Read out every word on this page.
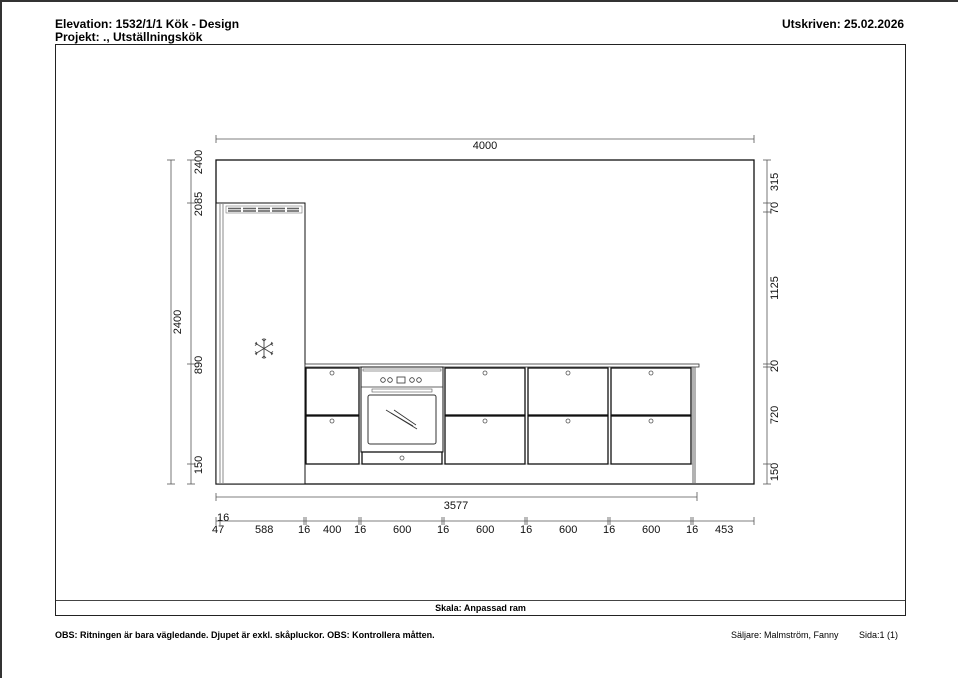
Elevation: 1532/1/1 Kök - Design
Projekt: ., Utställningskök
Utskriven: 25.02.2026
Skala: Anpassad ram
4000
3577
16
47	588 16 400 16 600 16 600 16 600 16 600 16 453
2400
2400
2085
890
150
315
70
1125
20
720
150
OBS: Ritningen är bara vägledande. Djupet är exkl. skåpluckor. OBS: Kontrollera måtten.	Säljare: Malmström, Fanny Sida:1 (1)
